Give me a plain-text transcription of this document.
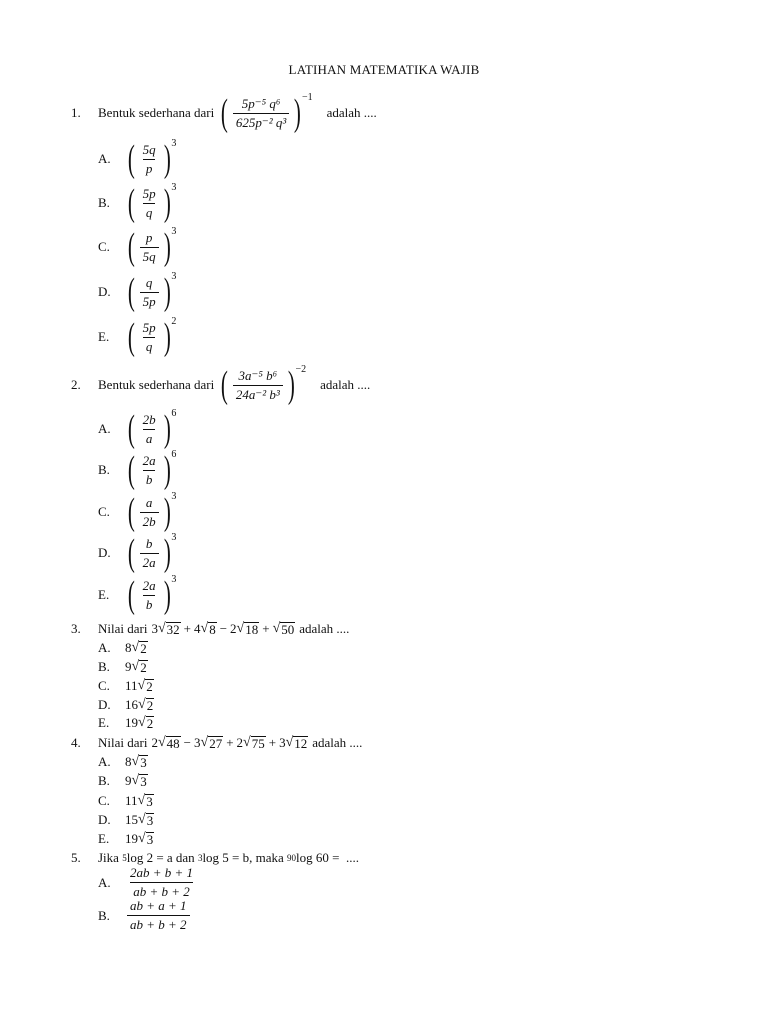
LATIHAN MATEMATIKA WAJIB
1.	Bentuk sederhana dari ( $\frac{\text{5p⁻⁵ q⁶}}{\text{625p⁻² q³}}$ ) −1
adalah ....
A. ( $\frac{5q}{p}$ ) 3
B. ( $\frac{5p}{q}$ ) 3
C. ( $\frac{p}{5q}$ ) 3
D. ( $\frac{q}{5p}$ ) 3
E. ( $\frac{5p}{q}$ ) 2
2.	Bentuk sederhana dari ( $\frac{\text{3a⁻⁵ b⁶}}{\text{24a⁻² b³}}$ ) −2
adalah ....
A. ( $\frac{2b}{a}$ ) 6
B. ( $\frac{2a}{b}$ ) 6
C. ( $\frac{a}{2b}$ ) 3
D. ( $\frac{b}{2a}$ ) 3
E. ( $\frac{2a}{b}$ ) 3
3.	Nilai dari 3 √ 32 + 4 √ 8 − 2 √ 18 + √ 50 adalah ....
A.	8 √ 2
B.	9 √ 2
C.	11 √ 2
D.	16 √ 2
E.	19 √ 2
4.	Nilai dari 2 √ 48 − 3 √ 27 + 2 √ 75 + 3 √ 12 adalah ....
A.	8 √ 3
B.	9 √ 3
C.	11 √ 3
D.	15 √ 3
E.	19 √ 3
5.	Jika 5 log 2 = a dan 3 log 5 = b, maka 90 log 60 =  ....
A.	$\frac{2ab + b + 1}{ab + b + 2}$
B.	$\frac{ab + a + 1}{ab + b + 2}$
